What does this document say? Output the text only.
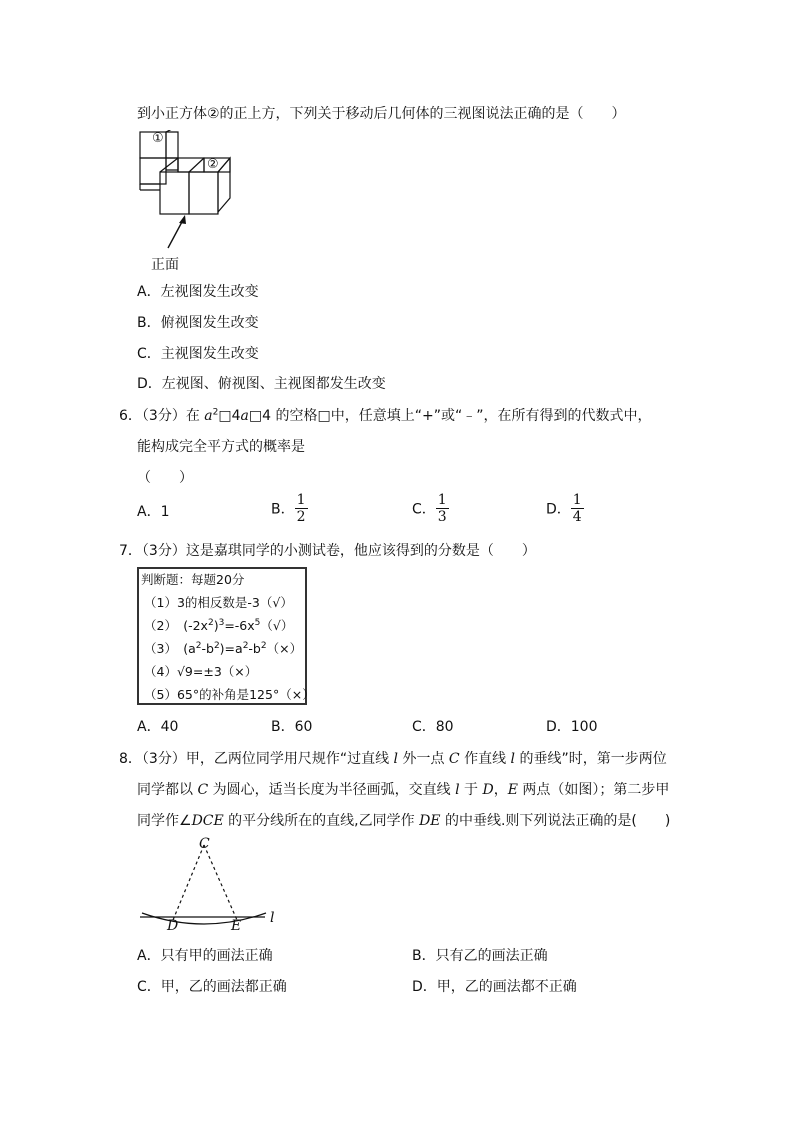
到小正方体②的正上方，下列关于移动后几何体的三视图说法正确的是（　　）
①
②
正面
A．左视图发生改变
B．俯视图发生改变
C．主视图发生改变
D．左视图、俯视图、主视图都发生改变
6．（3分）在 $a^2□4a□4$ 的空格□中，任意填上“+”或“﹣”，在所有得到的代数式中，
能构成完全平方式的概率是
（　　）
A．1	B． $\frac{1}{2}$	C． $\frac{1}{3}$	D． $\frac{1}{4}$
7．（3分）这是嘉琪同学的小测试卷，他应该得到的分数是（　　）
判断题：每题20分
（1）3的相反数是-3（√）
（2）　$(-2x^2)^3=-6x^5(√)$
（3）　$(a^2-b^2)=a^2-b^2(\times)$
（4）√9=±3（×）
（5）65°的补角是125°（×）
A．40	B．60	C．80	D．100
8．（3分）甲，乙两位同学用尺规作“过直线 l 外一点 C 作直线 l 的垂线”时，第一步两位
同学都以 C 为圆心，适当长度为半径画弧，交直线 l 于 D，E 两点（如图）；第二步甲
同学作∠DCE 的平分线所在的直线,乙同学作 DE 的中垂线.则下列说法正确的是(　　)
C
D	E l
A．只有甲的画法正确	B．只有乙的画法正确
C．甲，乙的画法都正确	D．甲，乙的画法都不正确
